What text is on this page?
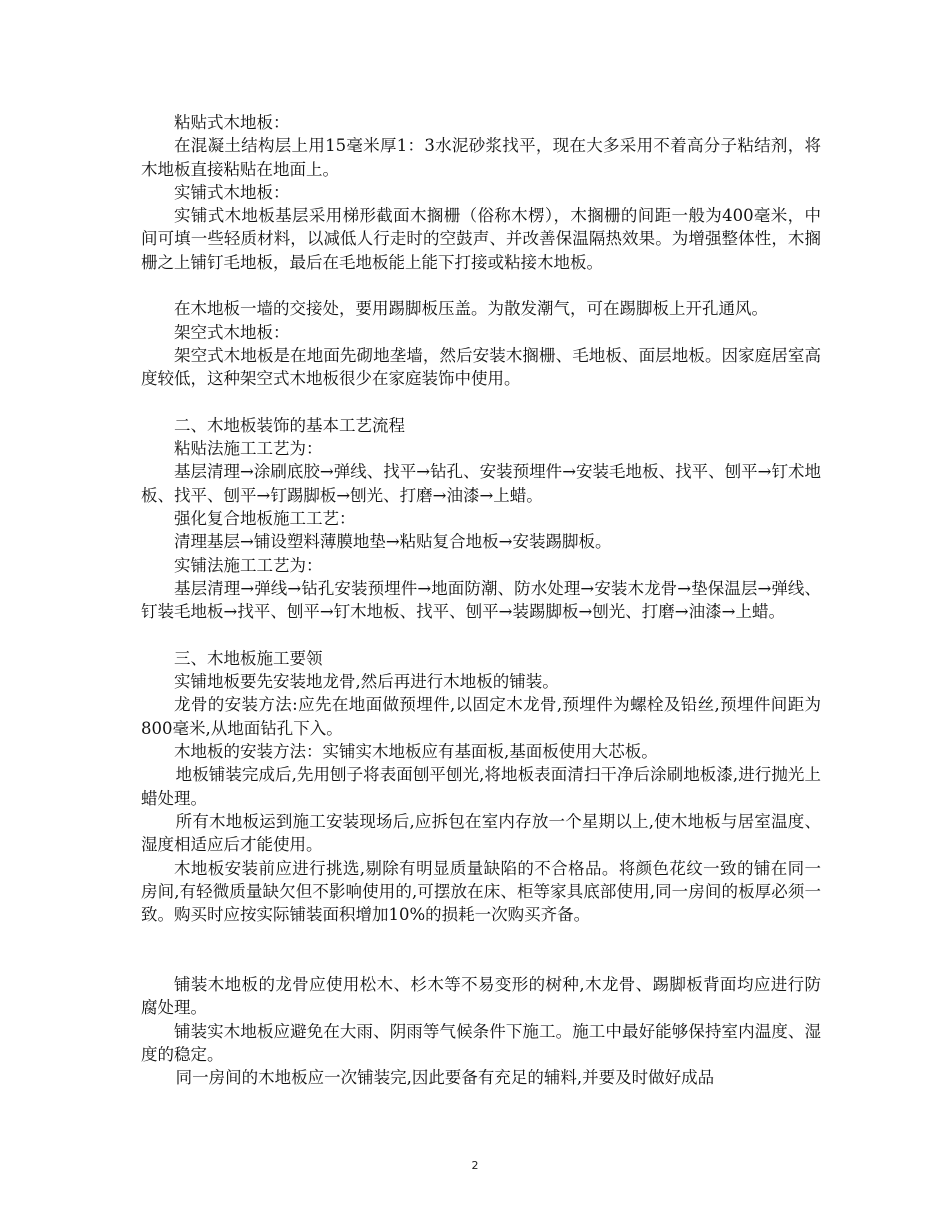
粘贴式木地板：

在混凝土结构层上用15毫米厚1：3水泥砂浆找平，现在大多采用不着高分子粘结剂，将木地板直接粘贴在地面上。

实铺式木地板：

实铺式木地板基层采用梯形截面木搁栅（俗称木楞），木搁栅的间距一般为400毫米，中间可填一些轻质材料，以减低人行走时的空鼓声、并改善保温隔热效果。为增强整体性，木搁栅之上铺钉毛地板，最后在毛地板能上能下打接或粘接木地板。

在木地板一墙的交接处，要用踢脚板压盖。为散发潮气，可在踢脚板上开孔通风。

架空式木地板：

架空式木地板是在地面先砌地垄墙，然后安装木搁栅、毛地板、面层地板。因家庭居室高度较低，这种架空式木地板很少在家庭装饰中使用。

二、木地板装饰的基本工艺流程

粘贴法施工工艺为：

基层清理→涂刷底胶→弹线、找平→钻孔、安装预埋件→安装毛地板、找平、刨平→钉术地板、找平、刨平→钉踢脚板→刨光、打磨→油漆→上蜡。

强化复合地板施工工艺：

清理基层→铺设塑料薄膜地垫→粘贴复合地板→安装踢脚板。

实铺法施工工艺为：

基层清理→弹线→钻孔安装预埋件→地面防潮、防水处理→安装木龙骨→垫保温层→弹线、钉装毛地板→找平、刨平→钉木地板、找平、刨平→装踢脚板→刨光、打磨→油漆→上蜡。

三、木地板施工要领

实铺地板要先安装地龙骨,然后再进行木地板的铺装。

龙骨的安装方法:应先在地面做预埋件,以固定木龙骨,预埋件为螺栓及铅丝,预埋件间距为800毫米,从地面钻孔下入。

木地板的安装方法：实铺实木地板应有基面板,基面板使用大芯板。

地板铺装完成后,先用刨子将表面刨平刨光,将地板表面清扫干净后涂刷地板漆,进行抛光上蜡处理。

所有木地板运到施工安装现场后,应拆包在室内存放一个星期以上,使木地板与居室温度、湿度相适应后才能使用。

木地板安装前应进行挑选,剔除有明显质量缺陷的不合格品。将颜色花纹一致的铺在同一房间,有轻微质量缺欠但不影响使用的,可摆放在床、柜等家具底部使用,同一房间的板厚必须一致。购买时应按实际铺装面积增加10%的损耗一次购买齐备。

铺装木地板的龙骨应使用松木、杉木等不易变形的树种,木龙骨、踢脚板背面均应进行防腐处理。

铺装实木地板应避免在大雨、阴雨等气候条件下施工。施工中最好能够保持室内温度、湿度的稳定。

同一房间的木地板应一次铺装完,因此要备有充足的辅料,并要及时做好成品

2
